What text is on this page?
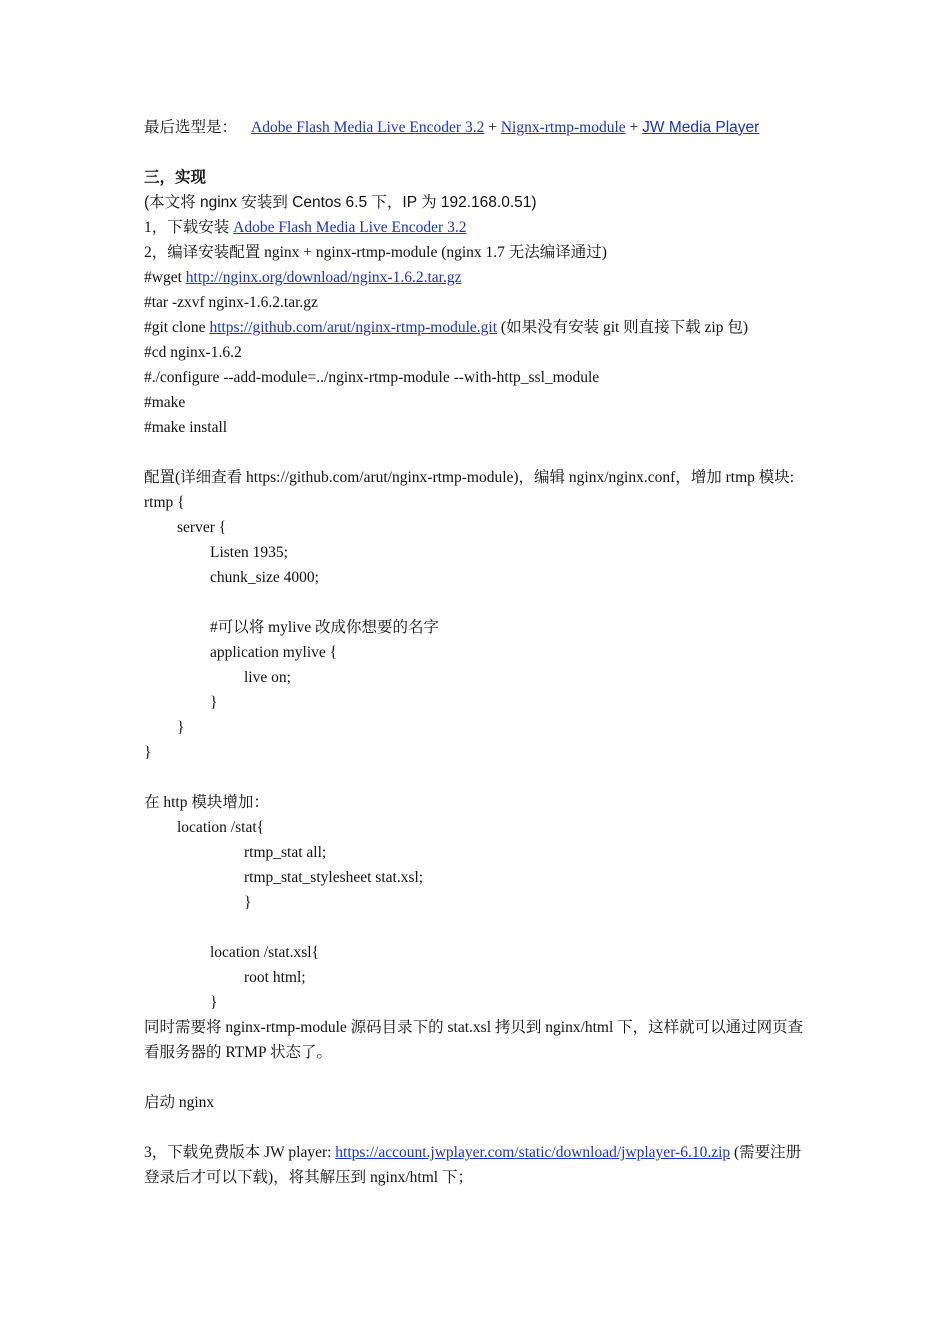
最后选型是： Adobe Flash Media Live Encoder 3.2 + Nignx-rtmp-module + JW Media Player
三，实现
(本文将 nginx 安装到 Centos 6.5 下，IP 为 192.168.0.51)
1，下载安装 Adobe Flash Media Live Encoder 3.2
2，编译安装配置 nginx + nginx-rtmp-module (nginx 1.7 无法编译通过)
#wget http://nginx.org/download/nginx-1.6.2.tar.gz
#tar -zxvf nginx-1.6.2.tar.gz
#git clone https://github.com/arut/nginx-rtmp-module.git (如果没有安装 git 则直接下载 zip 包)
#cd nginx-1.6.2
#./configure --add-module=../nginx-rtmp-module --with-http_ssl_module
#make
#make install
配置(详细查看 https://github.com/arut/nginx-rtmp-module)，编辑 nginx/nginx.conf，增加 rtmp 模块:
rtmp {
server {
Listen 1935;
chunk_size 4000;
#可以将 mylive 改成你想要的名字
application mylive {
live on;
}
}
}
在 http 模块增加：
location /stat{
rtmp_stat all;
rtmp_stat_stylesheet stat.xsl;
}
location /stat.xsl{
root html;
}
同时需要将 nginx-rtmp-module 源码目录下的 stat.xsl 拷贝到 nginx/html 下，这样就可以通过网页查看服务器的 RTMP 状态了。
启动 nginx
3，下载免费版本 JW player: https://account.jwplayer.com/static/download/jwplayer-6.10.zip (需要注册登录后才可以下载)，将其解压到 nginx/html 下；
